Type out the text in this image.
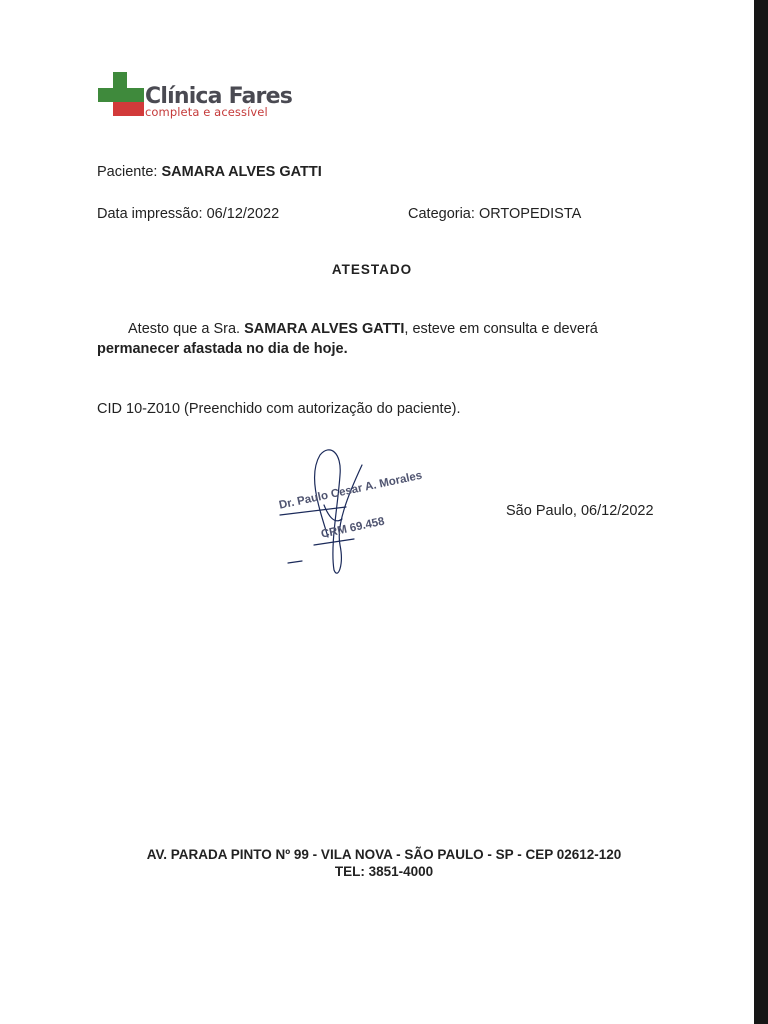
Clínica Fares
completa e acessível
Paciente: SAMARA ALVES GATTI
Data impressão: 06/12/2022	Categoria: ORTOPEDISTA
ATESTADO
Atesto que a Sra. SAMARA ALVES GATTI, esteve em consulta e deverá
permanecer afastada no dia de hoje.
CID 10-Z010 (Preenchido com autorização do paciente).
Dr. Paulo Cesar A. Morales
CRM 69.458
São Paulo, 06/12/2022
AV. PARADA PINTO Nº 99 - VILA NOVA - SÃO PAULO - SP - CEP 02612-120
TEL: 3851-4000
